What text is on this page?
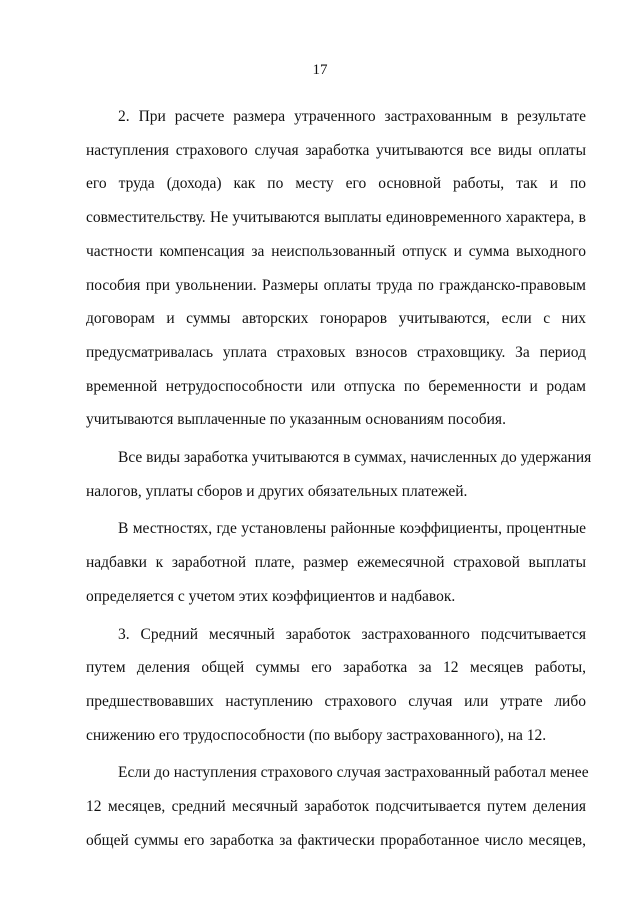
17
2. При расчете размера утраченного застрахованным в результате
наступления страхового случая заработка учитываются все виды оплаты
его труда (дохода) как по месту его основной работы, так и по
совместительству. Не учитываются выплаты единовременного характера, в
частности компенсация за неиспользованный отпуск и сумма выходного
пособия при увольнении. Размеры оплаты труда по гражданско-правовым
договорам и суммы авторских гонораров учитываются, если с них
предусматривалась уплата страховых взносов страховщику. За период
временной нетрудоспособности или отпуска по беременности и родам
учитываются выплаченные по указанным основаниям пособия.
Все виды заработка учитываются в суммах, начисленных до удержания
налогов, уплаты сборов и других обязательных платежей.
В местностях, где установлены районные коэффициенты, процентные
надбавки к заработной плате, размер ежемесячной страховой выплаты
определяется с учетом этих коэффициентов и надбавок.
3. Средний месячный заработок застрахованного подсчитывается
путем деления общей суммы его заработка за 12 месяцев работы,
предшествовавших наступлению страхового случая или утрате либо
снижению его трудоспособности (по выбору застрахованного), на 12.
Если до наступления страхового случая застрахованный работал менее
12 месяцев, средний месячный заработок подсчитывается путем деления
общей суммы его заработка за фактически проработанное число месяцев,
